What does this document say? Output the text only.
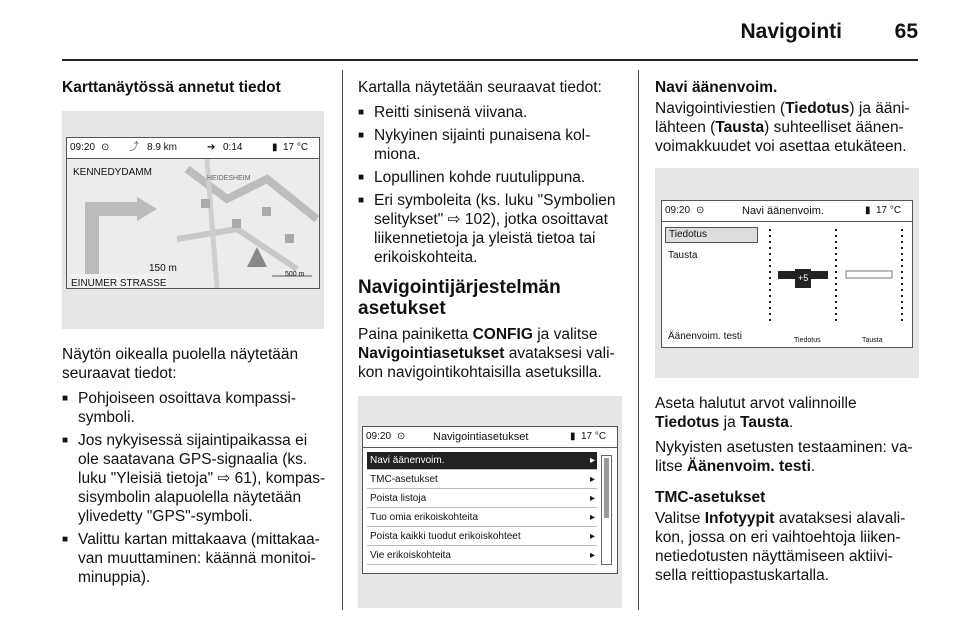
Navigointi	65

Karttanäytössä annetut tiedot

09:20 ⊙ ⤴ 8.9 km	➔ 0:14	▮ 17 °C
KENNEDYDAMM
HEIDESHEIM
150 m
500 m
EINUMER STRASSE

Näytön oikealla puolella näytetään seuraavat tiedot:

■ Pohjoiseen osoittava kompassi-symboli.
■ Jos nykyisessä sijaintipaikassa ei ole saatavana GPS-signaalia (ks. luku "Yleisiä tietoja" ⇨ 61), kompas-sisymbolin alapuolella näytetään ylivedetty "GPS"-symboli.
■ Valittu kartan mittakaava (mittakaa-van muuttaminen: käännä monitoi-minuppia).

Kartalla näytetään seuraavat tiedot:

■ Reitti sinisenä viivana.
■ Nykyinen sijainti punaisena kol-miona.
■ Lopullinen kohde ruutulippuna.
■ Eri symboleita (ks. luku "Symbolien selitykset" ⇨ 102), jotka osoittavat liikennetietoja ja yleistä tietoa tai erikoiskohteita.
Navigointijärjestelmän asetukset

Paina painiketta CONFIG ja valitse Navigointiasetukset avataksesi vali-kon navigointikohtaisilla asetuksilla.

09:20 ⊙	Navigointiasetukset	▮ 17 °C
Navi äänenvoim.	▸
TMC-asetukset	▸
Poista listoja	▸
Tuo omia erikoiskohteita	▸
Poista kaikki tuodut erikoiskohteet	▸
Vie erikoiskohteita	▸

Navi äänenvoim.

Navigointiviestien (Tiedotus) ja ääni-lähteen (Tausta) suhteelliset äänen-voimakkuudet voi asettaa etukäteen.

09:20 ⊙	Navi äänenvoim.	▮ 17 °C
Tiedotus
Tausta
Äänenvoim. testi
+5
Tiedotus	Tausta

Aseta halutut arvot valinnoille Tiedotus ja Tausta.

Nykyisten asetusten testaaminen: va-litse Äänenvoim. testi.

TMC-asetukset

Valitse Infotyypit avataksesi alavali-kon, jossa on eri vaihtoehtoja liiken-netiedotusten näyttämiseen aktiivi-sella reittiopastuskartalla.
